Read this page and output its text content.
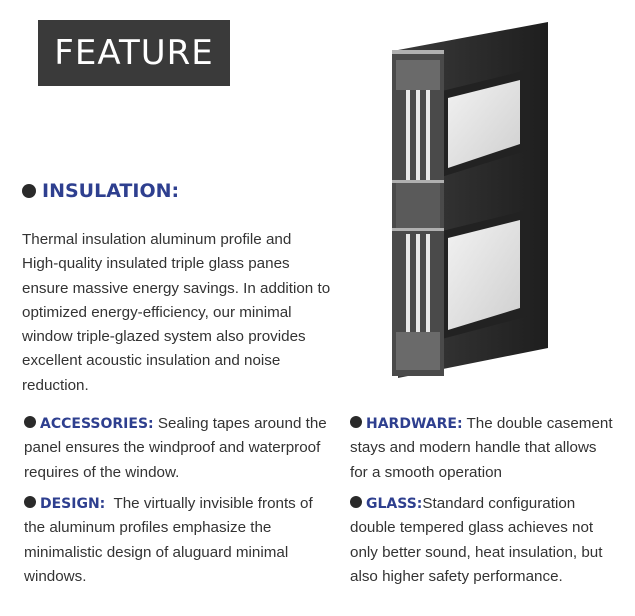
FEATURE
INSULATION:
Thermal insulation aluminum profile and
High-quality insulated triple glass panes
ensure massive energy savings. In addition to
optimized energy-efficiency, our minimal
window triple-glazed system also provides
excellent acoustic insulation and noise
reduction.
ACCESSORIES: Sealing tapes around the
panel ensures the windproof and waterproof
requires of the window.
DESIGN:  The virtually invisible fronts of
the aluminum profiles emphasize the
minimalistic design of aluguard minimal
windows.
HARDWARE: The double casement
stays and modern handle that allows
for a smooth operation
GLASS:Standard configuration
double tempered glass achieves not
only better sound, heat insulation, but
also higher safety performance.
